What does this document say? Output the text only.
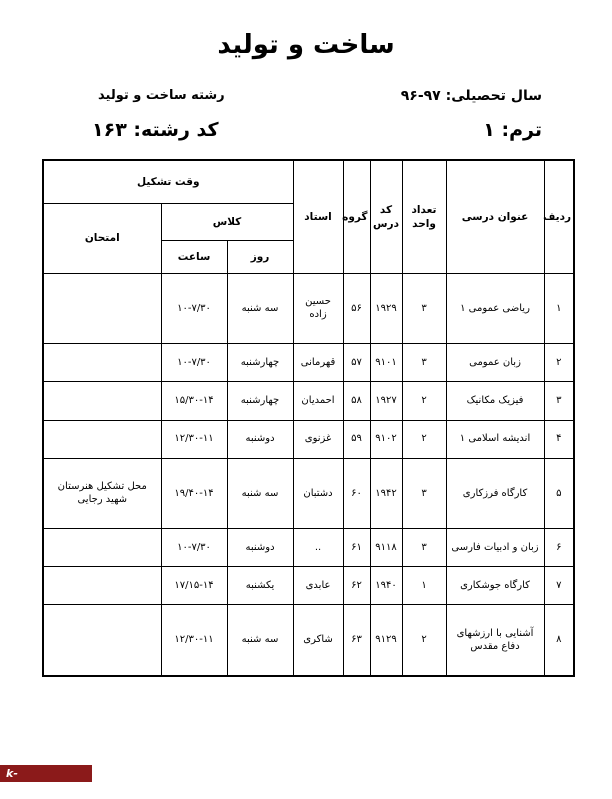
ساخت و تولید
سال تحصیلی: ۹۷-۹۶
رشته ساخت و تولید
ترم: ۱
کد رشته: ۱۶۳
ردیف	عنوان درسی	تعداد واحد	کد درس	گروه	استاد	وقت تشکیل		
						کلاس		امتحان
						روز	ساعت	
۱	ریاضی عمومی ۱	۳	۱۹۲۹	۵۶	حسین زاده	سه شنبه	۱۰-۷/۳۰	
۲	زبان عمومی	۳	۹۱۰۱	۵۷	قهرمانی	چهارشنبه	۱۰-۷/۳۰	
۳	فیزیک مکانیک	۲	۱۹۲۷	۵۸	احمدیان	چهارشنبه	۱۵/۳۰-۱۴	
۴	اندیشه اسلامی ۱	۲	۹۱۰۲	۵۹	غزنوی	دوشنبه	۱۲/۳۰-۱۱	
۵	کارگاه فرزکاری	۳	۱۹۴۲	۶۰	دشتبان	سه شنبه	۱۹/۴۰-۱۴	محل تشکیل هنرستان شهید رجایی
۶	زبان و ادبیات فارسی	۳	۹۱۱۸	۶۱	..	دوشنبه	۱۰-۷/۳۰	
۷	کارگاه جوشکاری	۱	۱۹۴۰	۶۲	عابدی	یکشنبه	۱۷/۱۵-۱۴	
۸	آشنایی با ارزشهای دفاع مقدس	۲	۹۱۲۹	۶۳	شاکری	سه شنبه	۱۲/۳۰-۱۱	
k-fasa.tvu.ac.ir
